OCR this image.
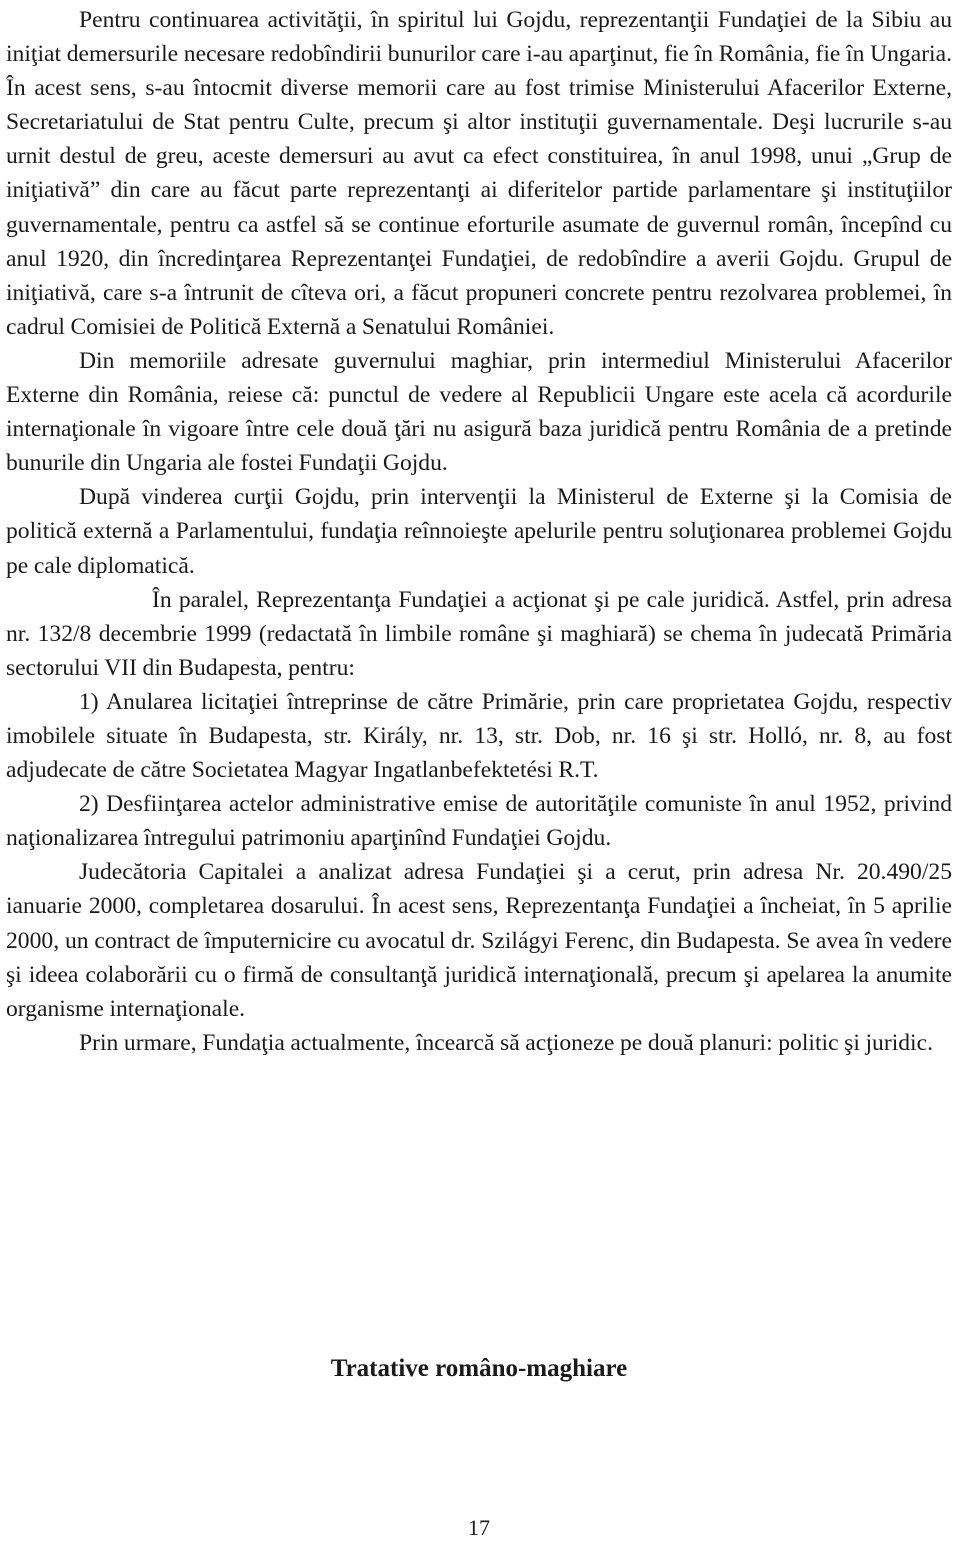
Pentru continuarea activităţii, în spiritul lui Gojdu, reprezentanţii Fundaţiei de la Sibiu au iniţiat demersurile necesare redobîndirii bunurilor care i-au aparţinut, fie în România, fie în Ungaria. În acest sens, s-au întocmit diverse memorii care au fost trimise Ministerului Afacerilor Externe, Secretariatului de Stat pentru Culte, precum şi altor instituţii guvernamentale. Deşi lucrurile s-au urnit destul de greu, aceste demersuri au avut ca efect constituirea, în anul 1998, unui „Grup de iniţiativă” din care au făcut parte reprezentanţi ai diferitelor partide parlamentare şi instituţiilor guvernamentale, pentru ca astfel să se continue eforturile asumate de guvernul român, începînd cu anul 1920, din încredinţarea Reprezentanţei Fundaţiei, de redobîndire a averii Gojdu. Grupul de iniţiativă, care s-a întrunit de cîteva ori, a făcut propuneri concrete pentru rezolvarea problemei, în cadrul Comisiei de Politică Externă a Senatului României.

Din memoriile adresate guvernului maghiar, prin intermediul Ministerului Afacerilor Externe din România, reiese că: punctul de vedere al Republicii Ungare este acela că acordurile internaţionale în vigoare între cele două ţări nu asigură baza juridică pentru România de a pretinde bunurile din Ungaria ale fostei Fundaţii Gojdu.

După vinderea curţii Gojdu, prin intervenţii la Ministerul de Externe şi la Comisia de politică externă a Parlamentului, fundaţia reînnoieşte apelurile pentru soluţionarea problemei Gojdu pe cale diplomatică.

În paralel, Reprezentanţa Fundaţiei a acţionat şi pe cale juridică. Astfel, prin adresa nr. 132/8 decembrie 1999 (redactată în limbile române şi maghiară) se chema în judecată Primăria sectorului VII din Budapesta, pentru:

1) Anularea licitaţiei întreprinse de către Primărie, prin care proprietatea Gojdu, respectiv imobilele situate în Budapesta, str. Király, nr. 13, str. Dob, nr. 16 şi str. Holló, nr. 8, au fost adjudecate de către Societatea Magyar Ingatlanbefektetési R.T.

2) Desfiinţarea actelor administrative emise de autorităţile comuniste în anul 1952, privind naţionalizarea întregului patrimoniu aparţinînd Fundaţiei Gojdu.

Judecătoria Capitalei a analizat adresa Fundaţiei şi a cerut, prin adresa Nr. 20.490/25 ianuarie 2000, completarea dosarului. În acest sens, Reprezentanţa Fundaţiei a încheiat, în 5 aprilie 2000, un contract de împuternicire cu avocatul dr. Szilágyi Ferenc, din Budapesta. Se avea în vedere şi ideea colaborării cu o firmă de consultanţă juridică internaţională, precum şi apelarea la anumite organisme internaţionale.

Prin urmare, Fundaţia actualmente, încearcă să acţioneze pe două planuri: politic şi juridic.

Tratative româno-maghiare
17
